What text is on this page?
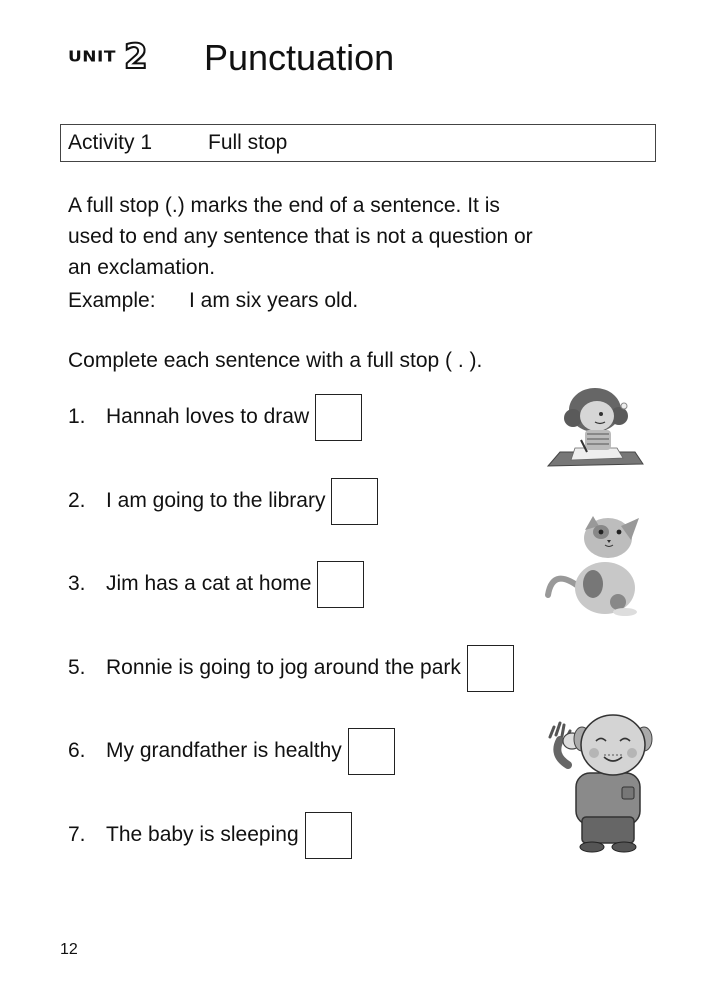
UNIT 2 Punctuation
Activity 1	Full stop
A full stop (.) marks the end of a sentence. It is used to end any sentence that is not a question or an exclamation.
Example: I am six years old.
Complete each sentence with a full stop ( . ).
1. Hannah loves to draw
2. I am going to the library
3. Jim has a cat at home
5. Ronnie is going to jog around the park
6. My grandfather is healthy
7. The baby is sleeping
12
